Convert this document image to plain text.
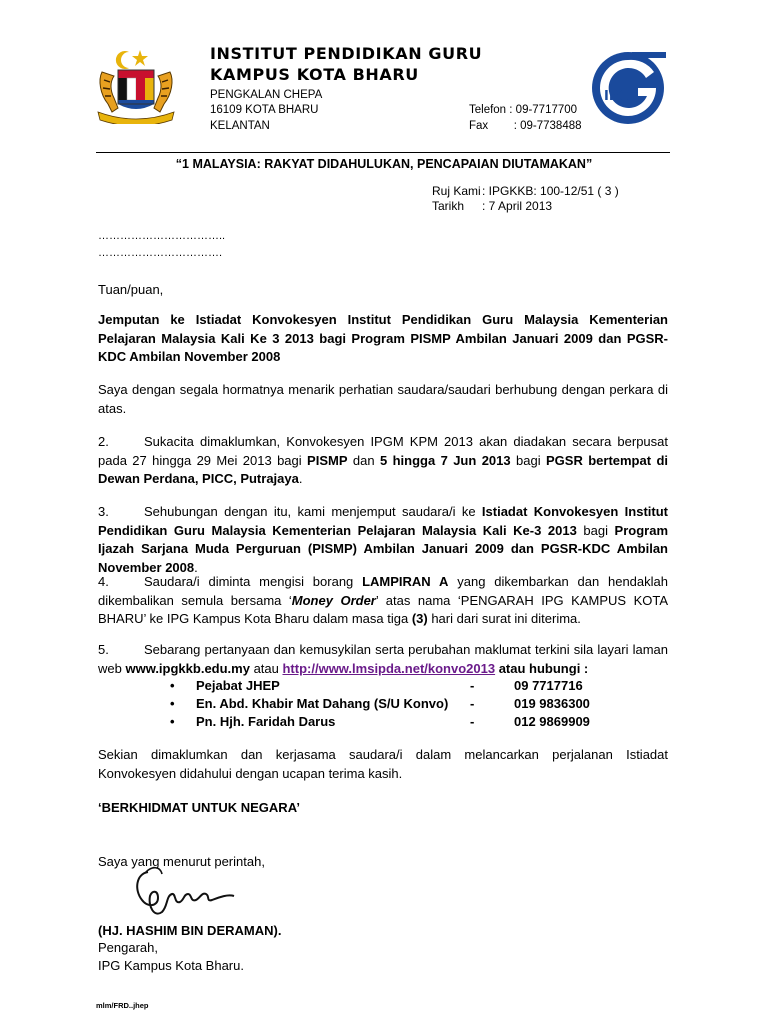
INSTITUT PENDIDIKAN GURU
KAMPUS KOTA BHARU
PENGKALAN CHEPA
16109 KOTA BHARU
KELANTAN
Telefon : 09-7717700
Fax        : 09-7738488
IPG
“1 MALAYSIA: RAKYAT DIDAHULUKAN, PENCAPAIAN DIUTAMAKAN”
Ruj Kami: IPGKKB: 100-12/51 ( 3 )
Tarikh : 7 April 2013
……………………………..
…………………………….
Tuan/puan,
Jemputan ke Istiadat Konvokesyen Institut Pendidikan Guru Malaysia Kementerian Pelajaran Malaysia Kali Ke 3 2013 bagi Program PISMP Ambilan Januari 2009 dan PGSR-KDC Ambilan November 2008
Saya dengan segala hormatnya menarik perhatian saudara/saudari berhubung dengan perkara di atas.
2.	Sukacita dimaklumkan, Konvokesyen IPGM KPM 2013 akan diadakan secara berpusat pada 27 hingga 29 Mei 2013 bagi PISMP dan 5 hingga 7 Jun 2013 bagi PGSR bertempat di Dewan Perdana, PICC, Putrajaya.
3.	Sehubungan dengan itu, kami menjemput saudara/i ke Istiadat Konvokesyen Institut Pendidikan Guru Malaysia Kementerian Pelajaran Malaysia Kali Ke-3 2013 bagi Program Ijazah Sarjana Muda Perguruan (PISMP) Ambilan Januari 2009 dan PGSR-KDC Ambilan November 2008.
4.	Saudara/i diminta mengisi borang LAMPIRAN A yang dikembarkan dan hendaklah dikembalikan semula bersama ‘Money Order’ atas nama ‘PENGARAH IPG KAMPUS KOTA BHARU’ ke IPG Kampus Kota Bharu dalam masa tiga (3) hari dari surat ini diterima.
5.	Sebarang pertanyaan dan kemusykilan serta perubahan maklumat terkini sila layari laman web www.ipgkkb.edu.my atau http://www.lmsipda.net/konvo2013 atau hubungi :
• Pejabat JHEP	-	09 7717716
• En. Abd. Khabir Mat Dahang (S/U Konvo) -	019 9836300
• Pn. Hjh. Faridah Darus	-	012 9869909
Sekian dimaklumkan dan kerjasama saudara/i dalam melancarkan perjalanan Istiadat Konvokesyen didahului dengan ucapan terima kasih.
‘BERKHIDMAT UNTUK NEGARA’
Saya yang menurut perintah,
(HJ. HASHIM BIN DERAMAN).
Pengarah,
IPG Kampus Kota Bharu.
mlm/FRD..jhep
